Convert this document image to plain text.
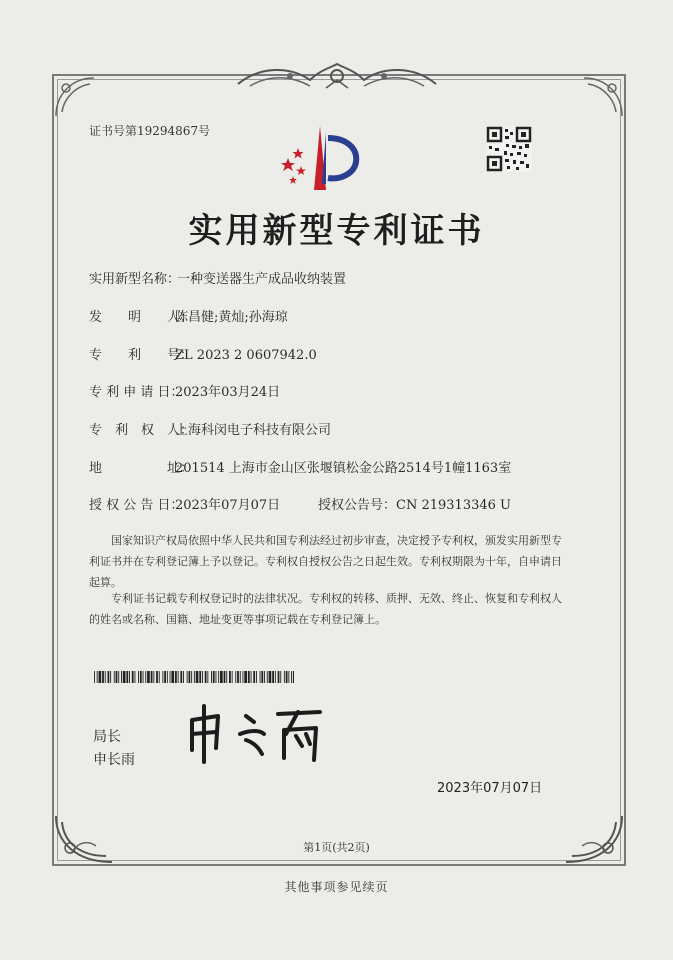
证书号第19294867号
实用新型专利证书
实用新型名称：一种变送器生产成品收纳装置
发　　明　　人：陈昌健;黄灿;孙海琼
专　　利　　号：ZL 2023 2 0607942.0
专 利 申 请 日：2023年03月24日
专　利　权　人：上海科闵电子科技有限公司
地　　　　　址：201514 上海市金山区张堰镇松金公路2514号1幢1163室
授 权 公 告 日：2023年07月07日	授权公告号：CN 219313346 U
国家知识产权局依照中华人民共和国专利法经过初步审查，决定授予专利权，颁发实用新型专利证书并在专利登记簿上予以登记。专利权自授权公告之日起生效。专利权期限为十年，自申请日起算。
专利证书记载专利权登记时的法律状况。专利权的转移、质押、无效、终止、恢复和专利权人的姓名或名称、国籍、地址变更等事项记载在专利登记簿上。
局长
申长雨
2023年07月07日
第1页(共2页)
其他事项参见续页
